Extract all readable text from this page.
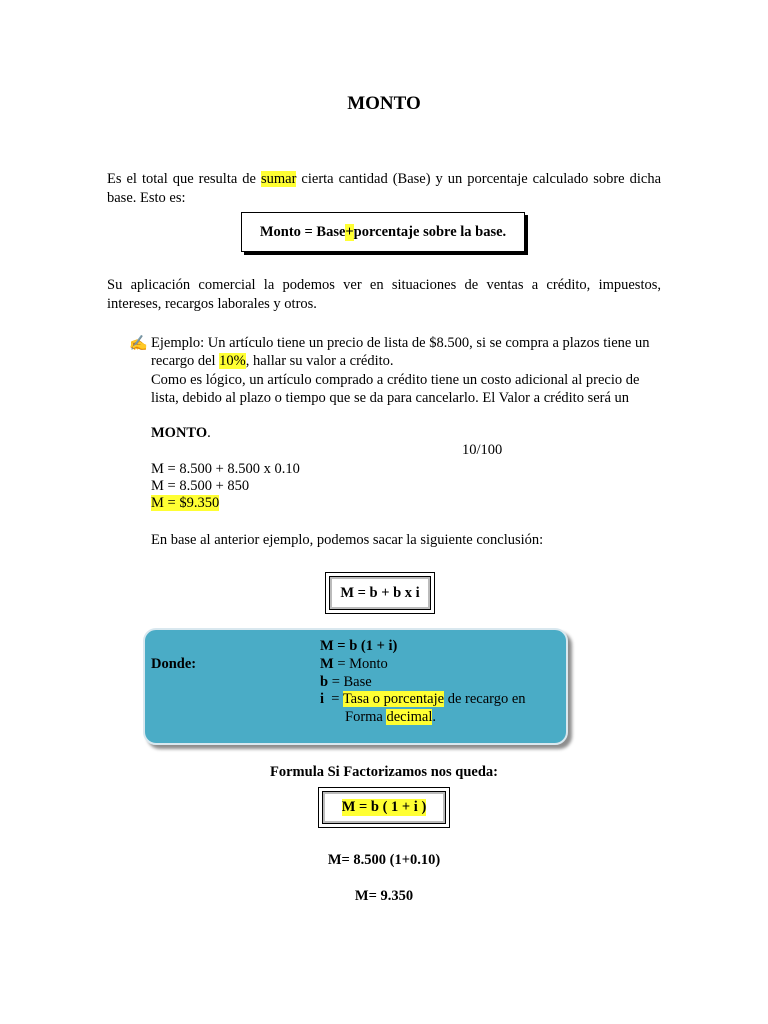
MONTO
Es el total que resulta de sumar cierta cantidad (Base) y un porcentaje calculado sobre dicha base. Esto es:
Monto = Base + porcentaje sobre la base.
Su aplicación comercial la podemos ver en situaciones de ventas a crédito, impuestos, intereses, recargos laborales y otros.
✍ Ejemplo: Un artículo tiene un precio de lista de $8.500, si se compra a plazos tiene un recargo del 10%, hallar su valor a crédito.
Como es lógico, un artículo comprado a crédito tiene un costo adicional al precio de lista, debido al plazo o tiempo que se da para cancelarlo. El Valor a crédito será un
MONTO.
10/100
M = 8.500 + 8.500 x 0.10
M = 8.500 + 850
M = $9.350
En base al anterior ejemplo, podemos sacar la siguiente conclusión:
M = b + b x i
Donde:
M = b (1 + i)
M = Monto
b = Base
i  = Tasa o porcentaje de recargo en
Forma decimal.
Formula Si Factorizamos nos queda:
M = b ( 1 + i )
M= 8.500 (1+0.10)
M= 9.350
